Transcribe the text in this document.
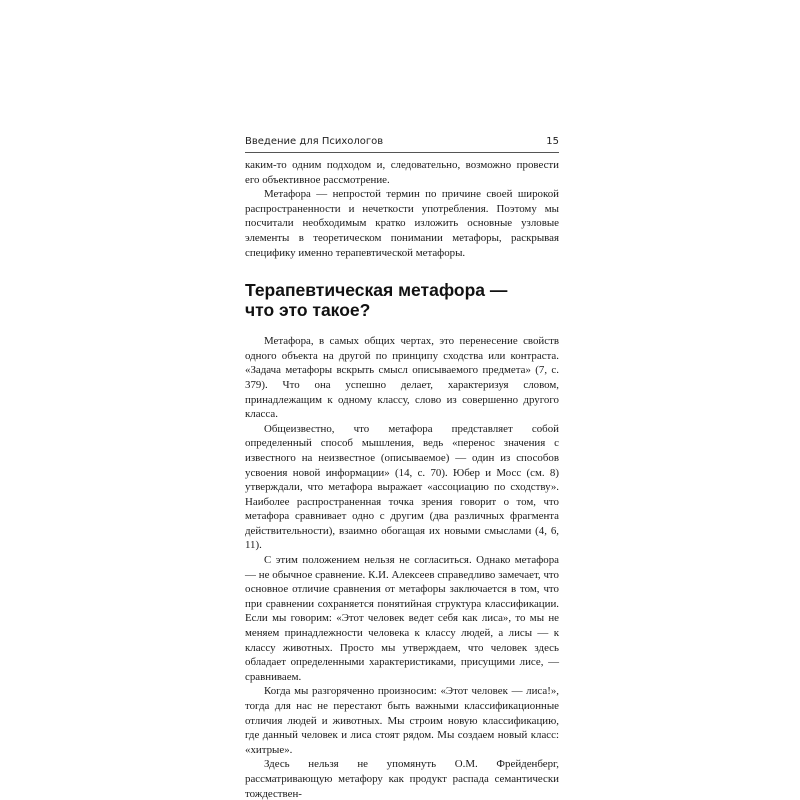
Введение для Психологов	15

каким-то одним подходом и, следовательно, возможно провести его объективное рассмотрение.

Метафора — непростой термин по причине своей широкой распространенности и нечеткости употребления. Поэтому мы посчитали необходимым кратко изложить основные узловые элементы в теоретическом понимании метафоры, раскрывая специфику именно терапевтической метафоры.

Терапевтическая метафора —
что это такое?

Метафора, в самых общих чертах, это перенесение свойств одного объекта на другой по принципу сходства или контраста. «Задача метафоры вскрыть смысл описываемого предмета» (7, с. 379). Что она успешно делает, характеризуя словом, принадлежащим к одному классу, слово из совершенно другого класса.

Общеизвестно, что метафора представляет собой определенный способ мышления, ведь «перенос значения с известного на неизвестное (описываемое) — один из способов усвоения новой информации» (14, с. 70). Юбер и Мосс (см. 8) утверждали, что метафора выражает «ассоциацию по сходству». Наиболее распространенная точка зрения говорит о том, что метафора сравнивает одно с другим (два различных фрагмента действительности), взаимно обогащая их новыми смыслами (4, 6, 11).

С этим положением нельзя не согласиться. Однако метафора — не обычное сравнение. К.И. Алексеев справедливо замечает, что основное отличие сравнения от метафоры заключается в том, что при сравнении сохраняется понятийная структура классификации. Если мы говорим: «Этот человек ведет себя как лиса», то мы не меняем принадлежности человека к классу людей, а лисы — к классу животных. Просто мы утверждаем, что человек здесь обладает определенными характеристиками, присущими лисе, — сравниваем.

Когда мы разгоряченно произносим: «Этот человек — лиса!», тогда для нас не перестают быть важными классификационные отличия людей и животных. Мы строим новую классификацию, где данный человек и лиса стоят рядом. Мы создаем новый класс: «хитрые».

Здесь нельзя не упомянуть О.М. Фрейденберг, рассматривающую метафору как продукт распада семантически тождествен-
